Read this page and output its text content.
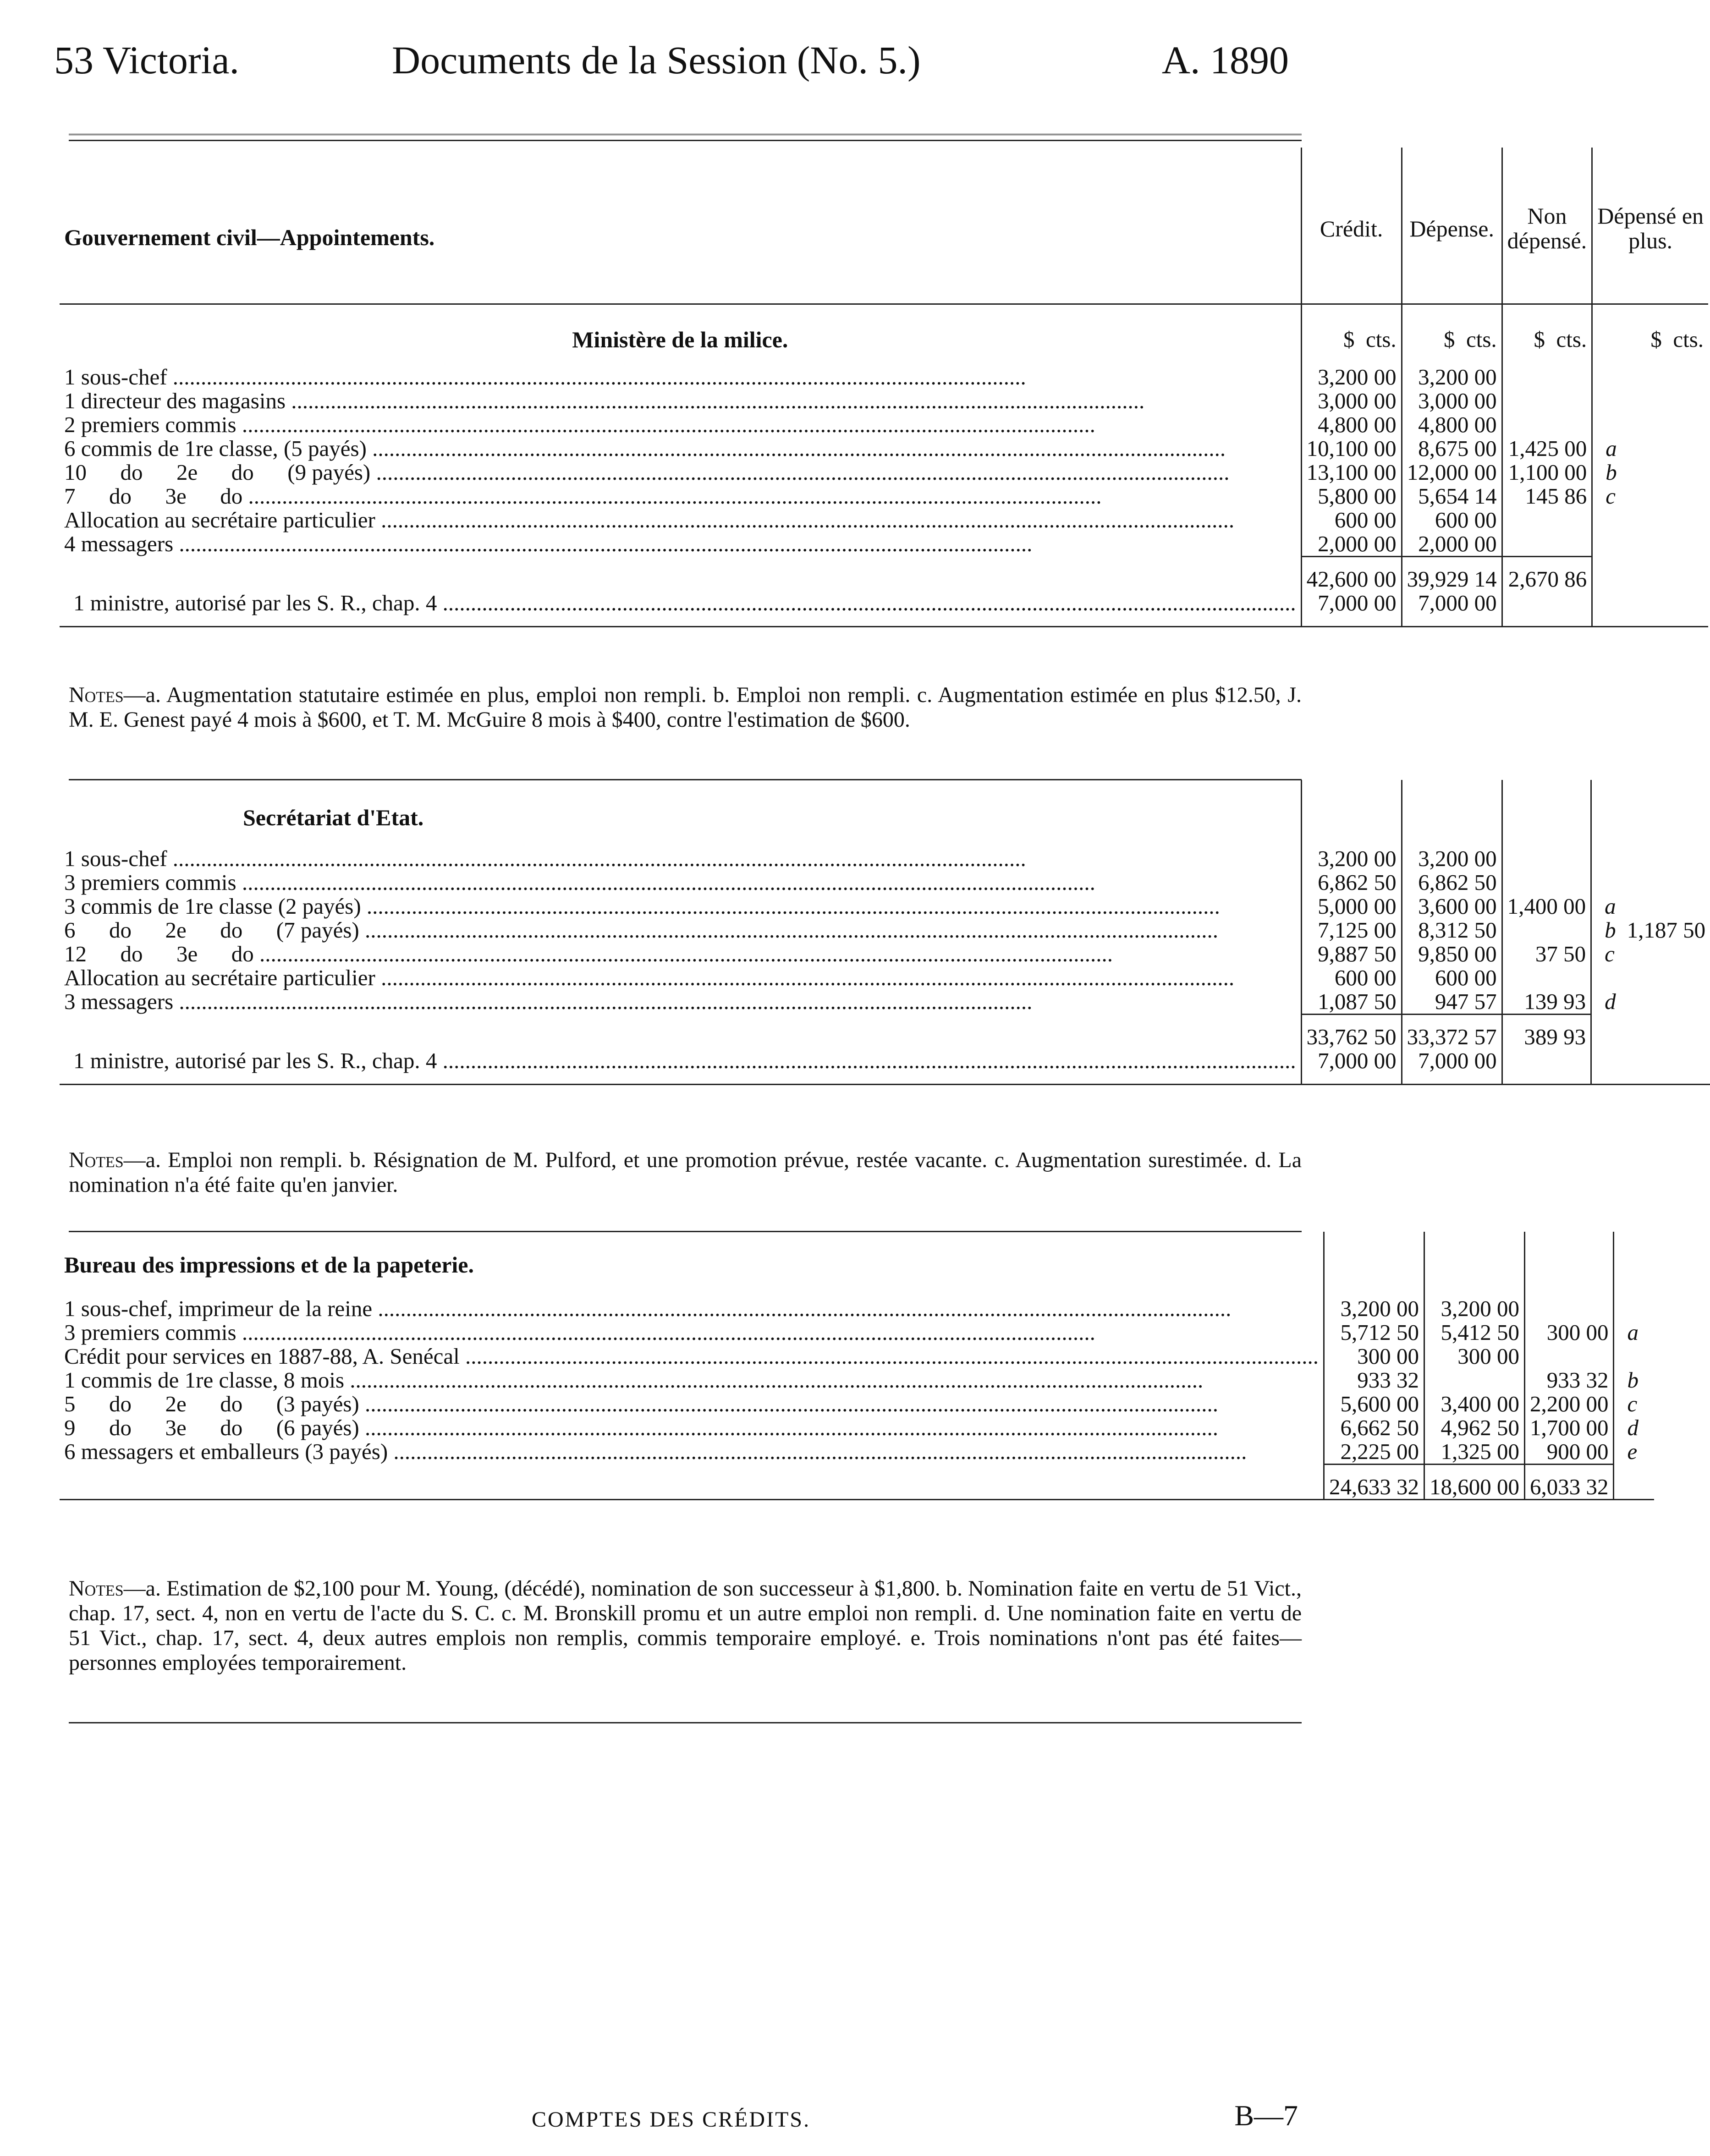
53 Victoria.	Documents de la Session (No. 5.)	A. 1890
Gouvernement civil—Appointements.	Crédit.	Dépense.	Non
dépensé.	Dépensé en
plus.
Ministère de la milice.	$ cts.	$ cts.	$ cts.	$ cts.
1 sous-chef .....	3,200 00	3,200 00		
1 directeur des magasins .....	3,000 00	3,000 00		
2 premiers commis .....	4,800 00	4,800 00		
6 commis de 1re classe, (5 payés) .....	10,100 00	8,675 00	1,425 00	a
10      do      2e      do      (9 payés) .....	13,100 00	12,000 00	1,100 00	b
7      do      3e      do .....	5,800 00	5,654 14	145 86	c
Allocation au secrétaire particulier .....	600 00	600 00		
4 messagers .....	2,000 00	2,000 00		
	42,600 00	39,929 14	2,670 86	
1 ministre, autorisé par les S. R., chap. 4 .....	7,000 00	7,000 00		

Notes—a. Augmentation statutaire estimée en plus, emploi non rempli. b. Emploi non rempli. c. Augmentation estimée en plus $12.50, J. M. E. Genest payé 4 mois à $600, et T. M. McGuire 8 mois à $400, contre l'estimation de $600.
Secrétariat d'Etat.				
1 sous-chef .....	3,200 00	3,200 00		
3 premiers commis .....	6,862 50	6,862 50		
3 commis de 1re classe (2 payés) .....	5,000 00	3,600 00	1,400 00	a
6      do      2e      do      (7 payés) .....	7,125 00	8,312 50		b 1,187 50
12      do      3e      do .....	9,887 50	9,850 00	37 50	c
Allocation au secrétaire particulier .....	600 00	600 00		
3 messagers .....	1,087 50	947 57	139 93	d
	33,762 50	33,372 57	389 93	
1 ministre, autorisé par les S. R., chap. 4 .....	7,000 00	7,000 00		

Notes—a. Emploi non rempli. b. Résignation de M. Pulford, et une promotion prévue, restée vacante. c. Augmentation surestimée. d. La nomination n'a été faite qu'en janvier.
Bureau des impressions et de la papeterie.				
1 sous-chef, imprimeur de la reine .....	3,200 00	3,200 00		
3 premiers commis .....	5,712 50	5,412 50	300 00	a
Crédit pour services en 1887-88, A. Senécal .....	300 00	300 00		
1 commis de 1re classe, 8 mois .....	933 32		933 32	b
5      do      2e      do      (3 payés) .....	5,600 00	3,400 00	2,200 00	c
9      do      3e      do      (6 payés) .....	6,662 50	4,962 50	1,700 00	d
6 messagers et emballeurs (3 payés) .....	2,225 00	1,325 00	900 00	e
	24,633 32	18,600 00	6,033 32	

Notes—a. Estimation de $2,100 pour M. Young, (décédé), nomination de son successeur à $1,800. b. Nomination faite en vertu de 51 Vict., chap. 17, sect. 4, non en vertu de l'acte du S. C. c. M. Bronskill promu et un autre emploi non rempli. d. Une nomination faite en vertu de 51 Vict., chap. 17, sect. 4, deux autres emplois non remplis, commis temporaire employé. e. Trois nominations n'ont pas été faites—personnes employées temporairement.
COMPTES DES CRÉDITS.	B—7
